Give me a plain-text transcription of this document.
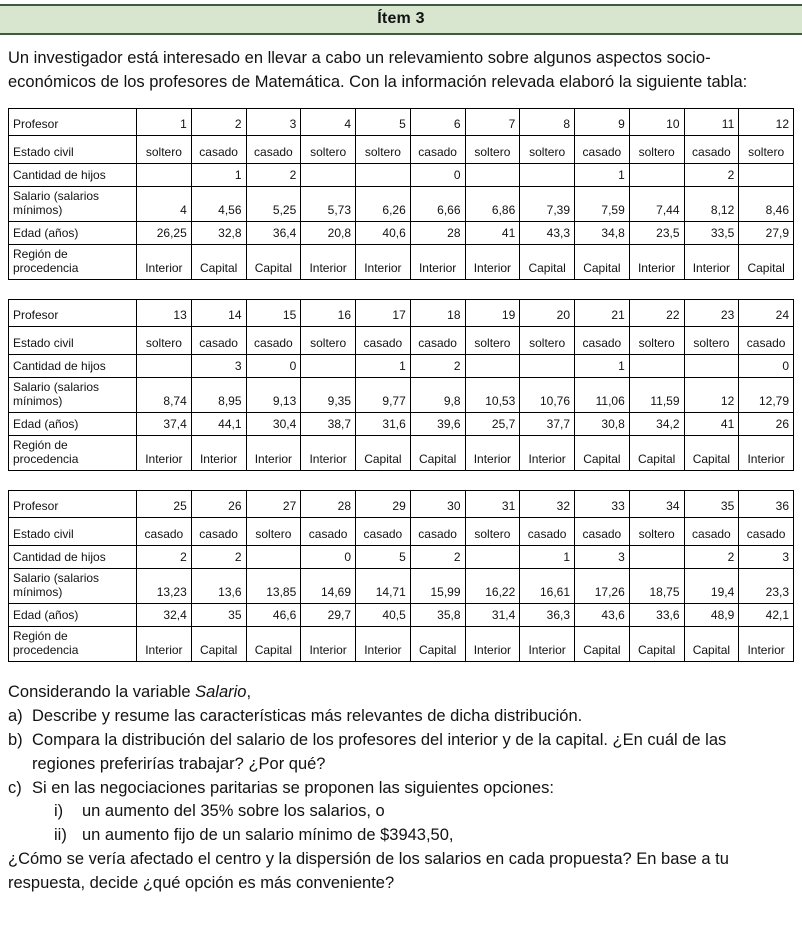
Ítem 3

Un investigador está interesado en llevar a cabo un relevamiento sobre algunos aspectos socio-económicos de los profesores de Matemática. Con la información relevada elaboró la siguiente tabla:

Profesor	1	2	3	4	5	6	7	8	9	10	11	12
Estado civil	soltero	casado	casado	soltero	soltero	casado	soltero	soltero	casado	soltero	casado	soltero
Cantidad de hijos		1	2			0			1		2	
Salario (salarios mínimos)	4	4,56	5,25	5,73	6,26	6,66	6,86	7,39	7,59	7,44	8,12	8,46
Edad (años)	26,25	32,8	36,4	20,8	40,6	28	41	43,3	34,8	23,5	33,5	27,9
Región de procedencia	Interior	Capital	Capital	Interior	Interior	Interior	Interior	Capital	Capital	Interior	Interior	Capital
Profesor	13	14	15	16	17	18	19	20	21	22	23	24
Estado civil	soltero	casado	casado	soltero	casado	casado	soltero	soltero	casado	soltero	soltero	casado
Cantidad de hijos		3	0		1	2			1			0
Salario (salarios mínimos)	8,74	8,95	9,13	9,35	9,77	9,8	10,53	10,76	11,06	11,59	12	12,79
Edad (años)	37,4	44,1	30,4	38,7	31,6	39,6	25,7	37,7	30,8	34,2	41	26
Región de procedencia	Interior	Interior	Interior	Interior	Capital	Capital	Interior	Interior	Capital	Capital	Capital	Interior
Profesor	25	26	27	28	29	30	31	32	33	34	35	36
Estado civil	casado	casado	soltero	casado	casado	casado	soltero	casado	casado	soltero	casado	casado
Cantidad de hijos	2	2		0	5	2		1	3		2	3
Salario (salarios mínimos)	13,23	13,6	13,85	14,69	14,71	15,99	16,22	16,61	17,26	18,75	19,4	23,3
Edad (años)	32,4	35	46,6	29,7	40,5	35,8	31,4	36,3	43,6	33,6	48,9	42,1
Región de procedencia	Interior	Capital	Capital	Interior	Interior	Capital	Interior	Interior	Capital	Capital	Capital	Interior

Considerando la variable Salario,

a) Describe y resume las características más relevantes de dicha distribución.
b) Compara la distribución del salario de los profesores del interior y de la capital. ¿En cuál de las regiones preferirías trabajar? ¿Por qué?
c) Si en las negociaciones paritarias se proponen las siguientes opciones:
i)	un aumento del 35% sobre los salarios, o
ii) un aumento fijo de un salario mínimo de $3943,50,

¿Cómo se vería afectado el centro y la dispersión de los salarios en cada propuesta? En base a tu respuesta, decide ¿qué opción es más conveniente?
